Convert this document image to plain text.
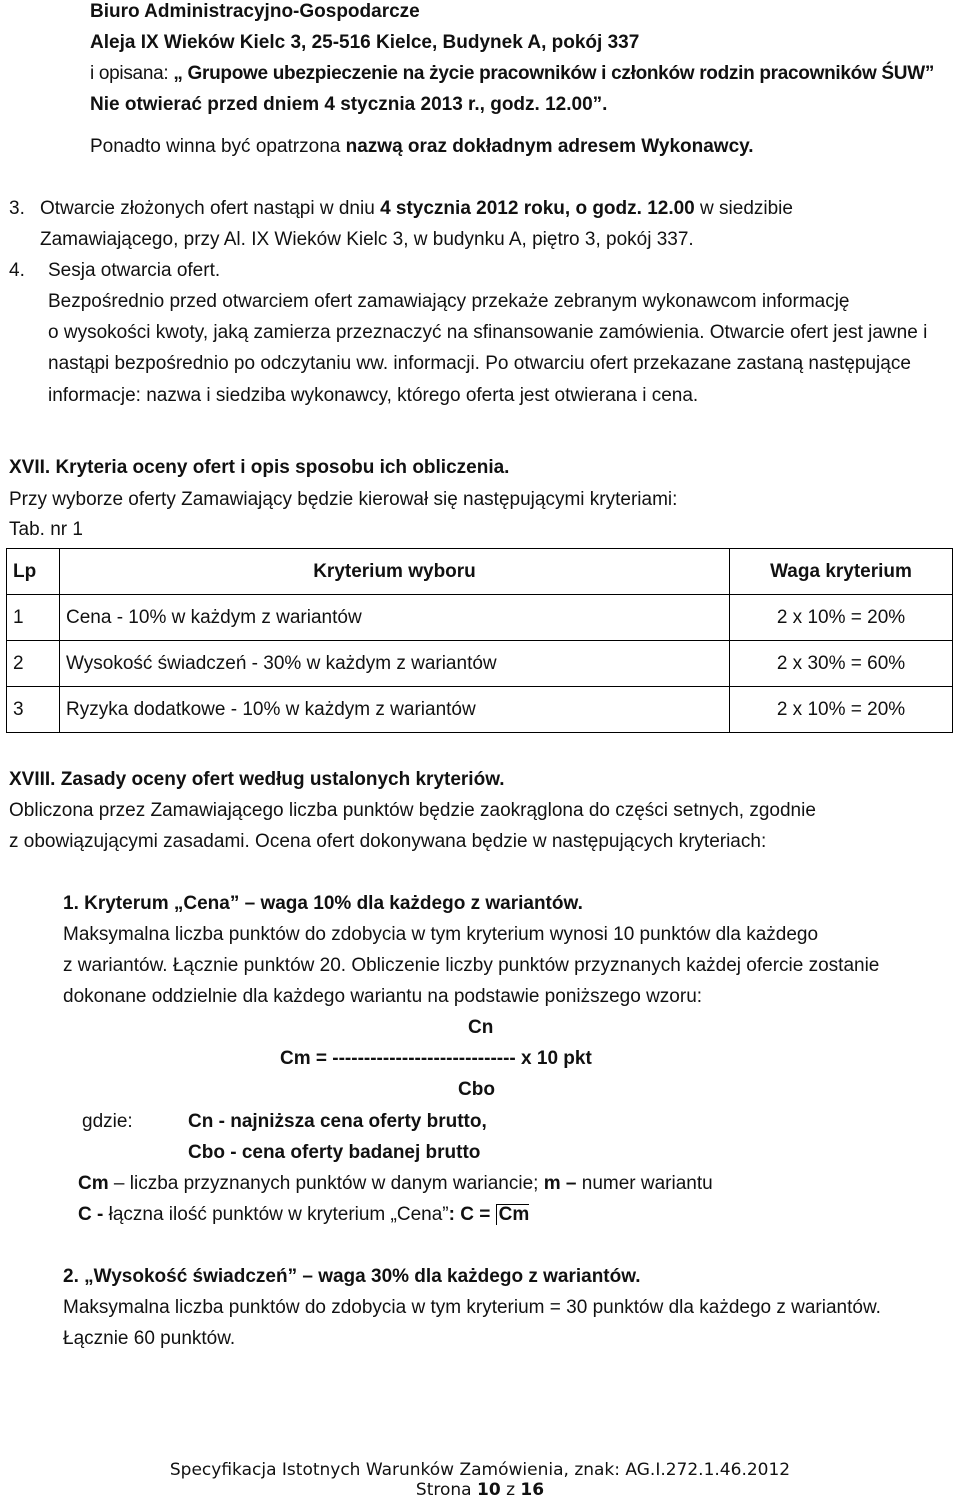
Biuro Administracyjno-Gospodarcze
Aleja IX Wieków Kielc 3, 25-516 Kielce, Budynek A, pokój 337
i opisana: „ Grupowe ubezpieczenie na życie pracowników i członków rodzin pracowników ŚUW”
Nie otwierać przed dniem 4 stycznia 2013 r., godz. 12.00”.
Ponadto winna być opatrzona nazwą oraz dokładnym adresem Wykonawcy.
3. Otwarcie złożonych ofert nastąpi w dniu 4 stycznia 2012 roku, o godz. 12.00 w siedzibie
Zamawiającego, przy Al. IX Wieków Kielc 3, w budynku A, piętro 3, pokój 337.
4. Sesja otwarcia ofert.
Bezpośrednio przed otwarciem ofert zamawiający przekaże zebranym wykonawcom informację
o wysokości kwoty, jaką zamierza przeznaczyć na sfinansowanie zamówienia. Otwarcie ofert jest jawne i
nastąpi bezpośrednio po odczytaniu ww. informacji. Po otwarciu ofert przekazane zastaną następujące
informacje: nazwa i siedziba wykonawcy, którego oferta jest otwierana i cena.
XVII. Kryteria oceny ofert i opis sposobu ich obliczenia.
Przy wyborze oferty Zamawiający będzie kierował się następującymi kryteriami:
Tab. nr 1
Lp	Kryterium wyboru	Waga kryterium
1	Cena - 10% w każdym z wariantów	2 x 10% = 20%
2	Wysokość świadczeń - 30% w każdym z wariantów	2 x 30% = 60%
3	Ryzyka dodatkowe - 10% w każdym z wariantów	2 x 10% = 20%
XVIII. Zasady oceny ofert według ustalonych kryteriów.
Obliczona przez Zamawiającego liczba punktów będzie zaokrąglona do części setnych, zgodnie
z obowiązującymi zasadami. Ocena ofert dokonywana będzie w następujących kryteriach:
1. Kryterum „Cena” – waga 10% dla każdego z wariantów.
Maksymalna liczba punktów do zdobycia w tym kryterium wynosi 10 punktów dla każdego
z wariantów. Łącznie punktów 20. Obliczenie liczby punktów przyznanych każdej ofercie zostanie
dokonane oddzielnie dla każdego wariantu na podstawie poniższego wzoru:
Cn
Cm = ----------------------------- x 10 pkt
Cbo
gdzie:	Cn - najniższa cena oferty brutto,
Cbo - cena oferty badanej brutto
Cm – liczba przyznanych punktów w danym wariancie; m – numer wariantu
C - łączna ilość punktów w kryterium „Cena”: C = Cm
2. „Wysokość świadczeń” – waga 30% dla każdego z wariantów.
Maksymalna liczba punktów do zdobycia w tym kryterium = 30 punktów dla każdego z wariantów.
Łącznie 60 punktów.
Specyfikacja Istotnych Warunków Zamówienia, znak: AG.I.272.1.46.2012
Strona 10 z 16
